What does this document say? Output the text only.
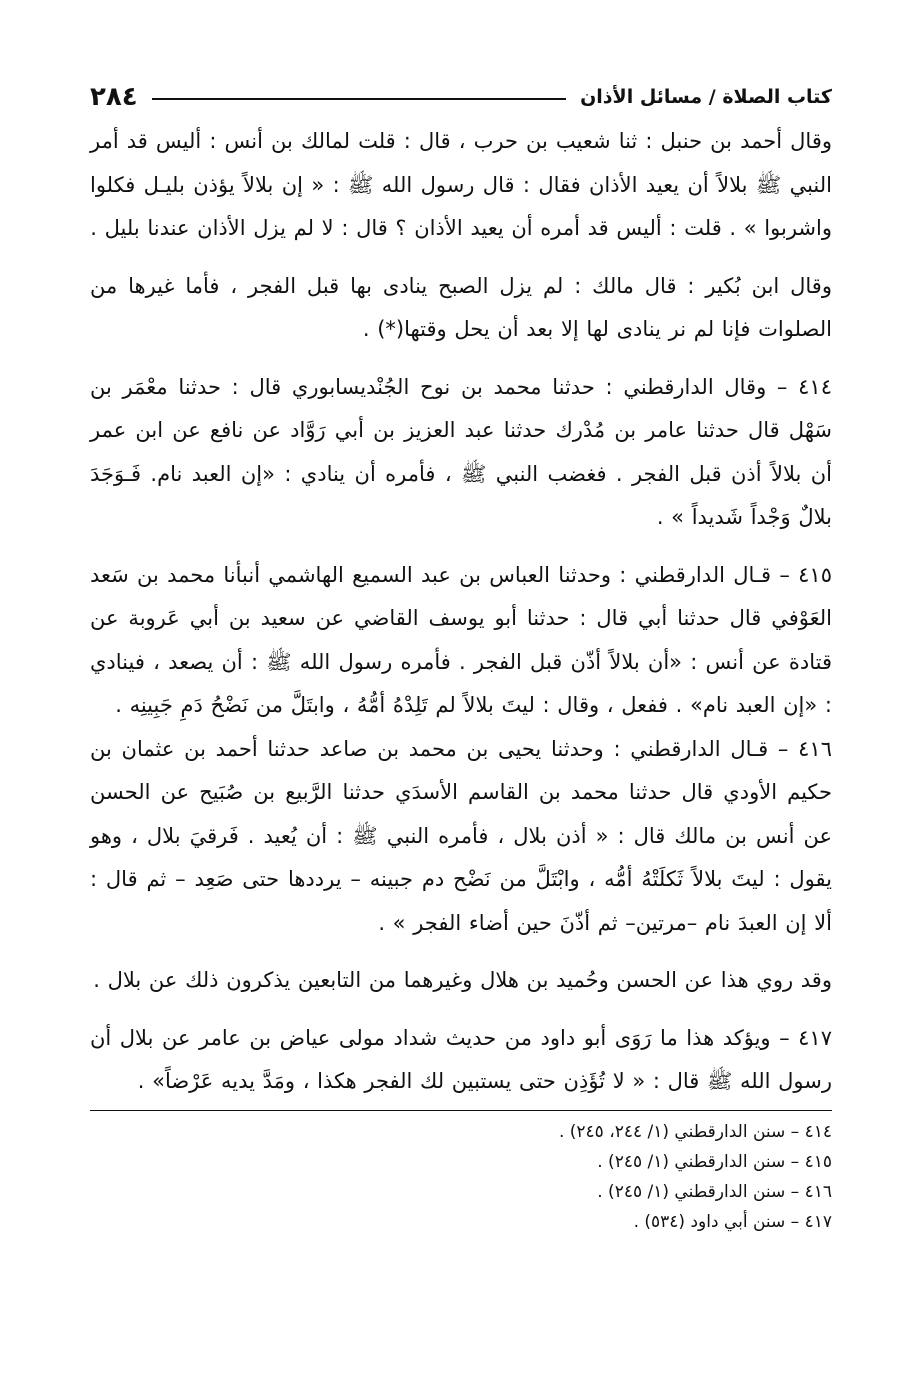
كتاب الصلاة / مسائل الأذان
٢٨٤

وقال أحمد بن حنبل : ثنا شعيب بن حرب ، قال : قلت لمالك بن أنس : أليس قد أمر النبي ﷺ بلالاً أن يعيد الأذان فقال : قال رسول الله ﷺ : « إن بلالاً يؤذن بليـل فكلوا واشربوا » . قلت : أليس قد أمره أن يعيد الأذان ؟ قال : لا لم يزل الأذان عندنا بليل .

وقال ابن بُكير : قال مالك : لم يزل الصبح ينادى بها قبل الفجر ، فأما غيرها من الصلوات فإنا لم نر ينادى لها إلا بعد أن يحل وقتها(*) .

٤١٤ – وقال الدارقطني : حدثنا محمد بن نوح الجُنْديسابوري قال : حدثنا معْمَر بن سَهْل قال حدثنا عامر بن مُدْرك حدثنا عبد العزيز بن أبي رَوَّاد عن نافع عن ابن عمر أن بلالاً أذن قبل الفجر . فغضب النبي ﷺ ، فأمره أن ينادي : «إن العبد نام. فَـوَجَدَ بلالٌ وَجْداً شَديداً » .

٤١٥ – قـال الدارقطني : وحدثنا العباس بن عبد السميع الهاشمي أنبأنا محمد بن سَعد العَوْفي قال حدثنا أبي قال : حدثنا أبو يوسف القاضي عن سعيد بن أبي عَروبة عن قتادة عن أنس : «أن بلالاً أذّن قبل الفجر . فأمره رسول الله ﷺ : أن يصعد ، فينادي : «إن العبد نام» . ففعل ، وقال : ليتَ بلالاً لم تَلِدْهُ أمُّهُ ، وابتَلَّ من نَضْحُ دَمِ جَبِينِه .

٤١٦ – قـال الدارقطني : وحدثنا يحيى بن محمد بن صاعد حدثنا أحمد بن عثمان بن حكيم الأودي قال حدثنا محمد بن القاسم الأسدَي حدثنا الرَّبيع بن صُبَيح عن الحسن عن أنس بن مالك قال : « أذن بلال ، فأمره النبي ﷺ : أن يُعيد . فَرقيَ بلال ، وهو يقول : ليتَ بلالاً ثَكلَتْهُ أمُّه ، وابْتَلَّ من نَضْح دم جبينه – يرددها حتى صَعِد – ثم قال : ألا إن العبدَ نام –مرتين– ثم أذّنَ حين أضاء الفجر » .

وقد روي هذا عن الحسن وحُميد بن هلال وغيرهما من التابعين يذكرون ذلك عن بلال .

٤١٧ – ويؤكد هذا ما رَوَى أبو داود من حديث شداد مولى عياض بن عامر عن بلال أن رسول الله ﷺ قال : « لا تُؤَذِن حتى يستبين لك الفجر هكذا ، ومَدَّ يديه عَرْضاً» .

٤١٤ – سنن الدارقطني (١/ ٢٤٤، ٢٤٥) .

٤١٥ – سنن الدارقطني (١/ ٢٤٥) .

٤١٦ – سنن الدارقطني (١/ ٢٤٥) .

٤١٧ – سنن أبي داود (٥٣٤) .
